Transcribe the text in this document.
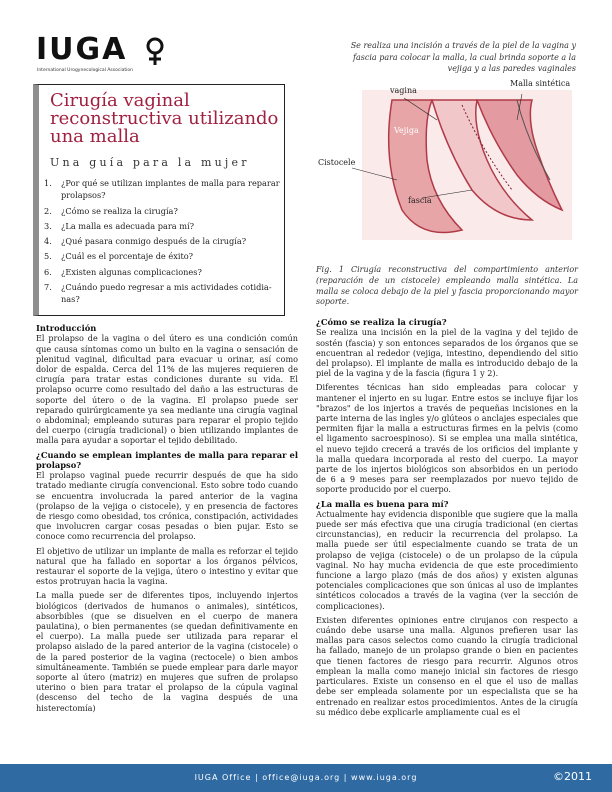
IUGA
International Urogynecological Association
Cirugía vaginal reconstructiva utilizando una malla
Una guía para la mujer
1. ¿Por qué se utilizan implantes de malla para reparar prolapsos?
2. ¿Cómo se realiza la cirugía?
3. ¿La malla es adecuada para mí?
4. ¿Qué pasara conmigo después de la cirugía?
5. ¿Cuál es el porcentaje de éxito?
6. ¿Existen algunas complicaciones?
7. ¿Cuándo puedo regresar a mis actividades cotidia-nas?
Se realiza una incisión a través de la piel de la vagina y fascia para colocar la malla, la cual brinda soporte a la vejiga y a las paredes vaginales
vagina
Malla sintética
Vejiga
Cistocele
fascia
Fig. 1 Cirugía reconstructiva del compartimiento anterior (reparación de un cistocele) empleando malla sintética. La malla se coloca debajo de la piel y fascia proporcionando mayor soporte.
Introducción

El prolapso de la vagina o del útero es una condición común que causa síntomas como un bulto en la vagina o sensación de plenitud vaginal, dificultad para evacuar u orinar, así como dolor de espalda. Cerca del 11% de las mujeres requieren de cirugía para tratar estas condiciones durante su vida. El prolapso ocurre como resultado del daño a las estructuras de soporte del útero o de la vagina. El prolapso puede ser reparado quirúrgicamente ya sea mediante una cirugía vaginal o abdominal; empleando suturas para reparar el propio tejido del cuerpo (cirugía tradicional) o bien utilizando implantes de malla para ayudar a soportar el tejido debilitado.

¿Cuando se emplean implantes de malla para reparar el prolapso?

El prolapso vaginal puede recurrir después de que ha sido tratado mediante cirugía convencional. Esto sobre todo cuando se encuentra involucrada la pared anterior de la vagina (prolapso de la vejiga o cistocele), y en presencia de factores de riesgo como obesidad, tos crónica, constipación, actividades que involucren cargar cosas pesadas o bien pujar. Esto se conoce como recurrencia del prolapso.

El objetivo de utilizar un implante de malla es reforzar el tejido natural que ha fallado en soportar a los órganos pélvicos, restaurar el soporte de la vejiga, útero o intestino y evitar que estos protruyan hacia la vagina.

La malla puede ser de diferentes tipos, incluyendo injertos biológicos (derivados de humanos o animales), sintéticos, absorbibles (que se disuelven en el cuerpo de manera paulatina), o bien permanentes (se quedan definitivamente en el cuerpo). La malla puede ser utilizada para reparar el prolapso aislado de la pared anterior de la vagina (cistocele) o de la pared posterior de la vagina (rectocele) o bien ambos simultáneamente. También se puede emplear para darle mayor soporte al útero (matriz) en mujeres que sufren de prolapso uterino o bien para tratar el prolapso de la cúpula vaginal (descenso del techo de la vagina después de una histerectomía)

¿Cómo se realiza la cirugía?

Se realiza una incisión en la piel de la vagina y del tejido de sostén (fascia) y son entonces separados de los órganos que se encuentran al rededor (vejiga, intestino, dependiendo del sitio del prolapso). El implante de malla es introducido debajo de la piel de la vagina y de la fascia (figura 1 y 2).

Diferentes técnicas han sido empleadas para colocar y mantener el injerto en su lugar. Entre estos se incluye fijar los "brazos" de los injertos a través de pequeñas incisiones en la parte interna de las ingles y/o glúteos o anclajes especiales que permiten fijar la malla a estructuras firmes en la pelvis (como el ligamento sacroespinoso). Si se emplea una malla sintética, el nuevo tejido crecerá a través de los orificios del implante y la malla quedara incorporada al resto del cuerpo. La mayor parte de los injertos biológicos son absorbidos en un periodo de 6 a 9 meses para ser reemplazados por nuevo tejido de soporte producido por el cuerpo.

¿La malla es buena para mí?

Actualmente hay evidencia disponible que sugiere que la malla puede ser más efectiva que una cirugía tradicional (en ciertas circunstancias), en reducir la recurrencia del prolapso. La malla puede ser útil especialmente cuando se trata de un prolapso de vejiga (cistocele) o de un prolapso de la cúpula vaginal. No hay mucha evidencia de que este procedimiento funcione a largo plazo (más de dos años) y existen algunas potenciales complicaciones que son únicas al uso de implantes sintéticos colocados a través de la vagina (ver la sección de complicaciones).

Existen diferentes opiniones entre cirujanos con respecto a cuándo debe usarse una malla. Algunos prefieren usar las mallas para casos selectos como cuando la cirugía tradicional ha fallado, manejo de un prolapso grande o bien en pacientes que tienen factores de riesgo para recurrir. Algunos otros emplean la malla como manejo inicial sin factores de riesgo particulares. Existe un consenso en el que el uso de mallas debe ser empleada solamente por un especialista que se ha entrenado en realizar estos procedimientos. Antes de la cirugía su médico debe explicarle ampliamente cual es el

IUGA Office | office@iuga.org | www.iuga.org	©2011
